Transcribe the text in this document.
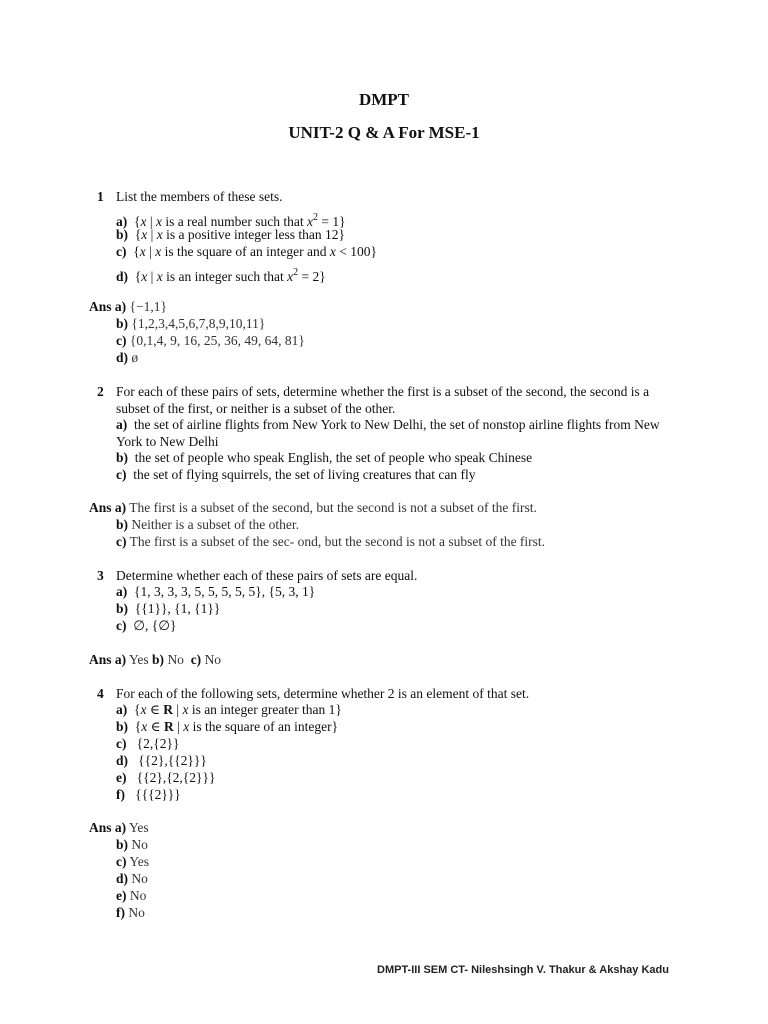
DMPT
UNIT-2 Q & A For MSE-1
1 List the members of these sets.
a)  {x | x is a real number such that $x^2 = 1$}
b)  {x | x is a positive integer less than 12}
c)  {x | x is the square of an integer and x < 100}
d)  {x | x is an integer such that $x^2 = 2$}
Ans a) {−1,1}
b) {1,2,3,4,5,6,7,8,9,10,11}
c) {0,1,4, 9, 16, 25, 36, 49, 64, 81}
d) ø
2 For each of these pairs of sets, determine whether the first is a subset of the second, the second is a
subset of the first, or neither is a subset of the other.
a) the set of airline flights from New York to New Delhi, the set of nonstop airline flights from New
York to New Delhi
b) the set of people who speak English, the set of people who speak Chinese
c) the set of flying squirrels, the set of living creatures that can fly
Ans a) The first is a subset of the second, but the second is not a subset of the first.
b) Neither is a subset of the other.
c) The first is a subset of the sec- ond, but the second is not a subset of the first.
3 Determine whether each of these pairs of sets are equal.
a) {1, 3, 3, 3, 5, 5, 5, 5, 5}, {5, 3, 1}
b) {{1}}, {1, {1}}
c) ∅, {∅}
Ans a) Yes b) No c) No
4 For each of the following sets, determine whether 2 is an element of that set.
a)  {x ∈ R | x is an integer greater than 1}
b)  {x ∈ R | x is the square of an integer}
c) {2,{2}}
d) {{2},{{2}}}
e) {{2},{2,{2}}}
f) {{{2}}}
Ans a) Yes
b) No
c) Yes
d) No
e) No
f) No
DMPT-III SEM CT- Nileshsingh V. Thakur & Akshay Kadu
